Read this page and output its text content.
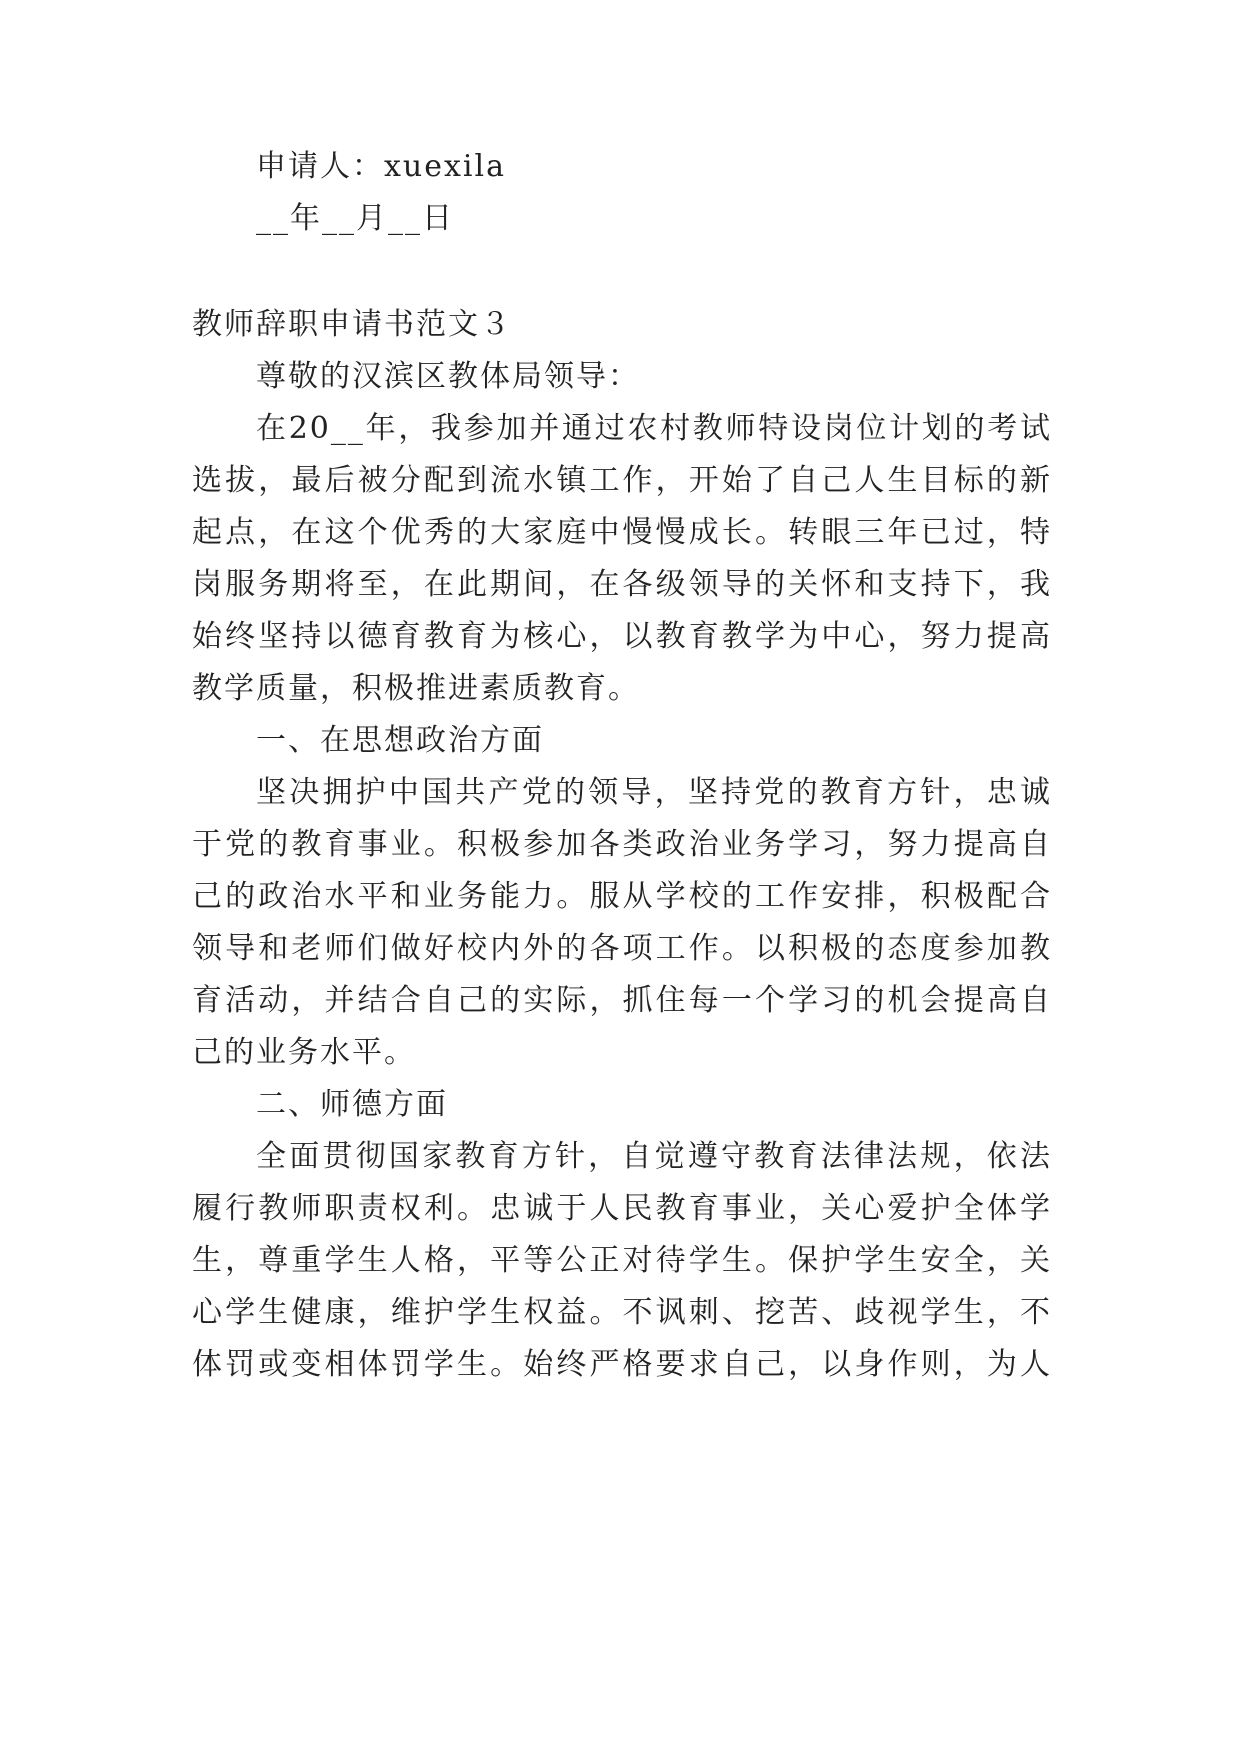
申请人：xuexila

__年__月__日

教师辞职申请书范文３

尊敬的汉滨区教体局领导：

在20__年，我参加并通过农村教师特设岗位计划的考试

选拔，最后被分配到流水镇工作，开始了自己人生目标的新

起点，在这个优秀的大家庭中慢慢成长。转眼三年已过，特

岗服务期将至，在此期间，在各级领导的关怀和支持下，我

始终坚持以德育教育为核心，以教育教学为中心，努力提高

教学质量，积极推进素质教育。

一、在思想政治方面

坚决拥护中国共产党的领导，坚持党的教育方针，忠诚

于党的教育事业。积极参加各类政治业务学习，努力提高自

己的政治水平和业务能力。服从学校的工作安排，积极配合

领导和老师们做好校内外的各项工作。以积极的态度参加教

育活动，并结合自己的实际，抓住每一个学习的机会提高自

己的业务水平。

二、师德方面

全面贯彻国家教育方针，自觉遵守教育法律法规，依法

履行教师职责权利。忠诚于人民教育事业，关心爱护全体学

生，尊重学生人格，平等公正对待学生。保护学生安全，关

心学生健康，维护学生权益。不讽刺、挖苦、歧视学生，不

体罚或变相体罚学生。始终严格要求自己，以身作则，为人
